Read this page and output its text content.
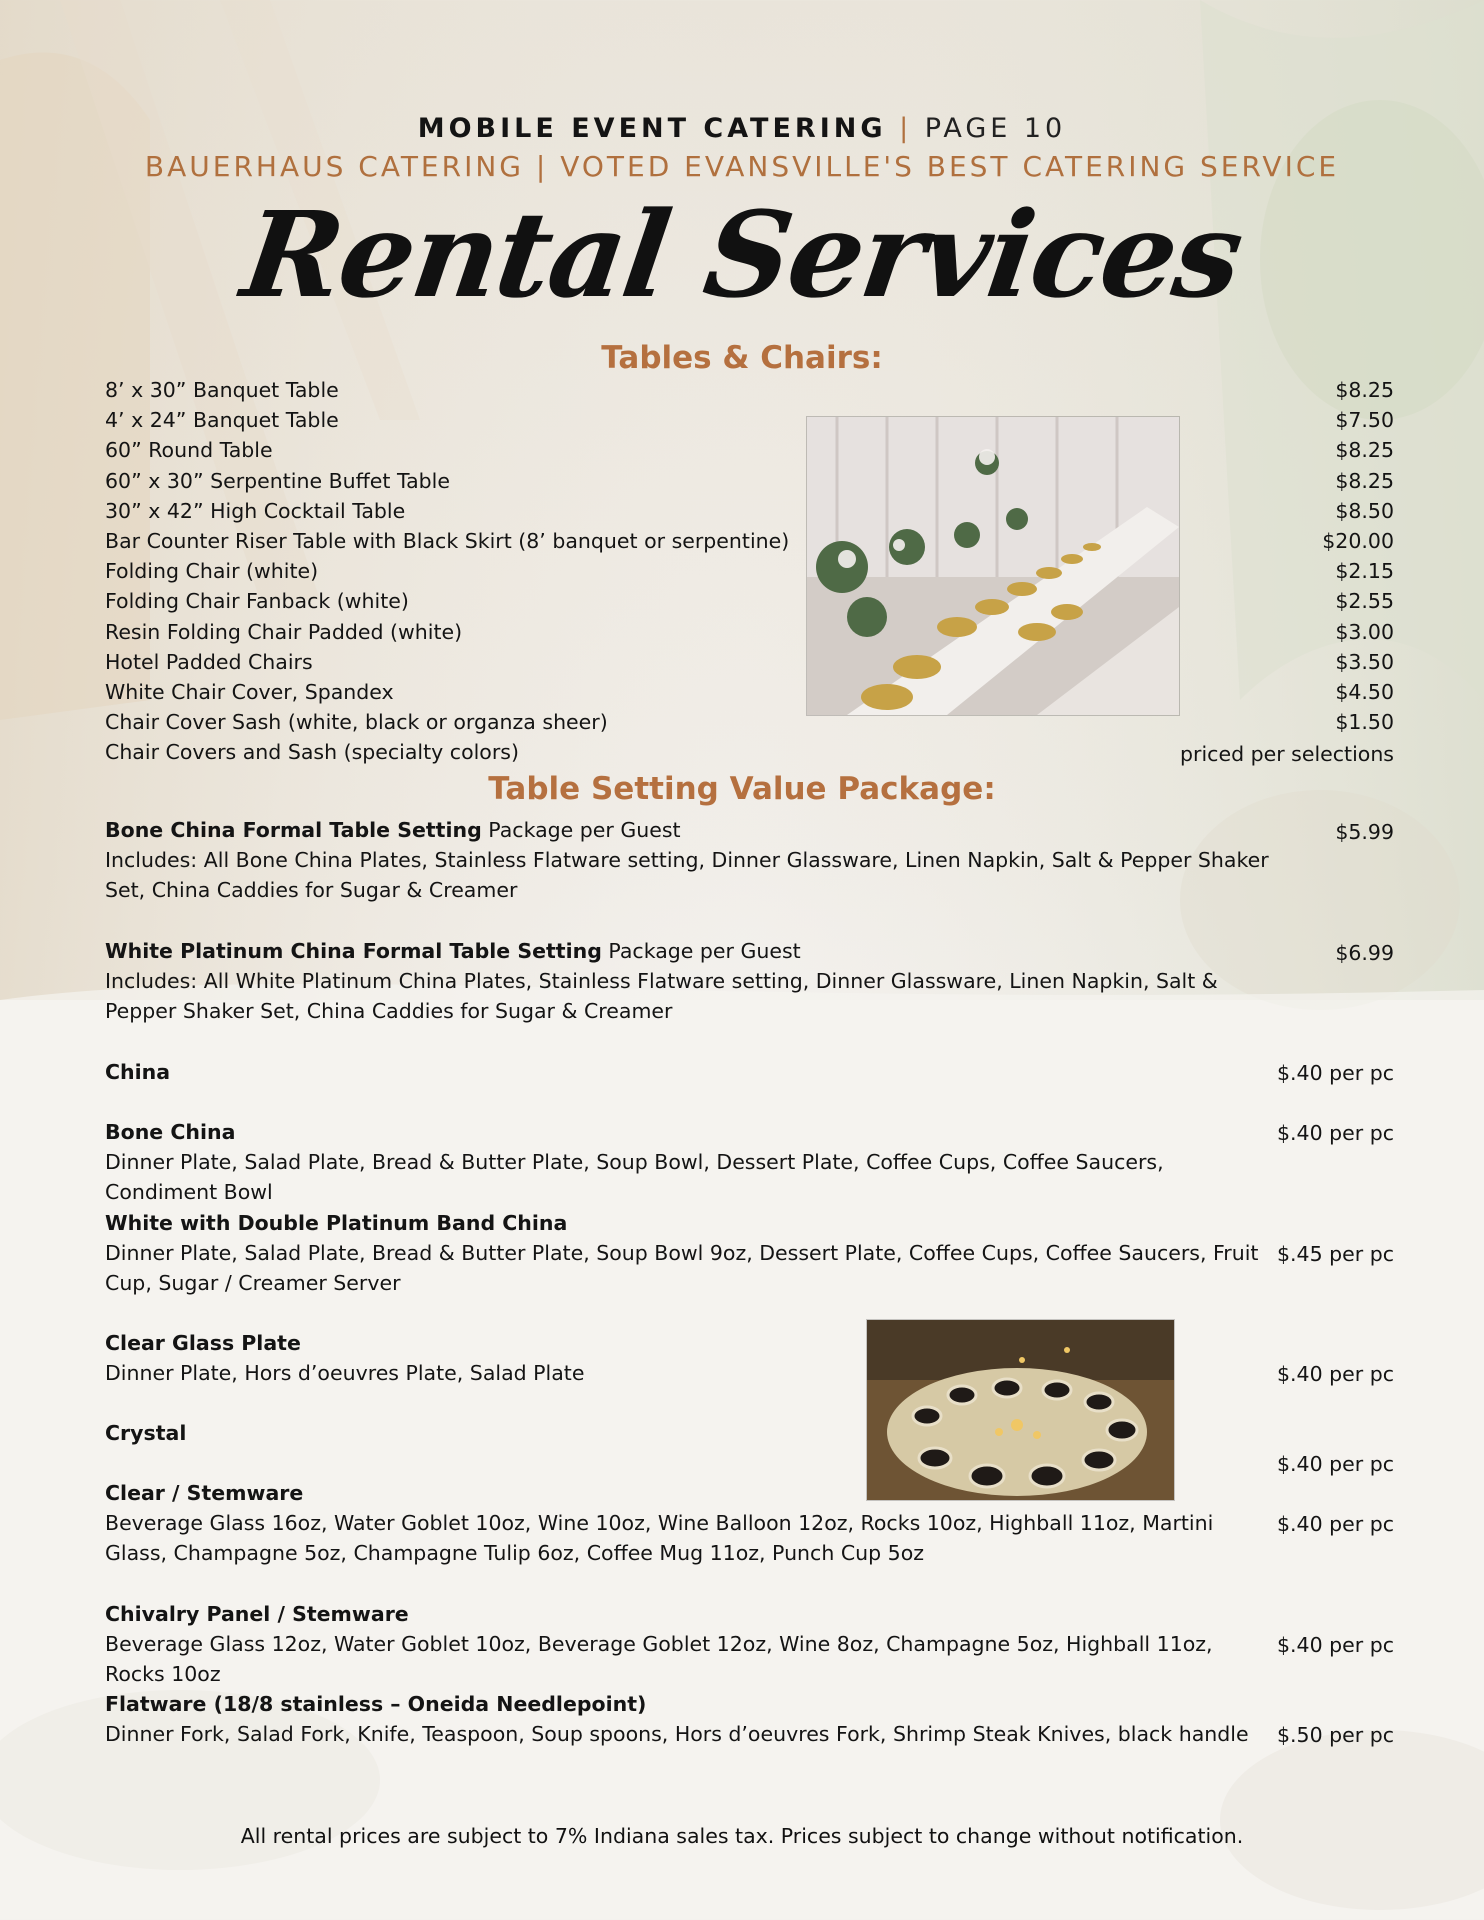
MOBILE EVENT CATERING | PAGE 10
BAUERHAUS CATERING | VOTED EVANSVILLE'S BEST CATERING SERVICE
Rental Services
Tables & Chairs:
8’ x 30” Banquet Table	$8.25
4’ x 24” Banquet Table	$7.50
60” Round Table	$8.25
60” x 30” Serpentine Buffet Table	$8.25
30” x 42” High Cocktail Table	$8.50
Bar Counter Riser Table with Black Skirt (8’ banquet or serpentine)	$20.00
Folding Chair (white)	$2.15
Folding Chair Fanback (white)	$2.55
Resin Folding Chair Padded (white)	$3.00
Hotel Padded Chairs	$3.50
White Chair Cover, Spandex	$4.50
Chair Cover Sash (white, black or organza sheer)	$1.50
Chair Covers and Sash (specialty colors)	priced per selections
Table Setting Value Package:
Bone China Formal Table Setting Package per Guest
Includes: All Bone China Plates, Stainless Flatware setting, Dinner Glassware, Linen Napkin, Salt & Pepper Shaker Set, China Caddies for Sugar & Creamer
$5.99
White Platinum China Formal Table Setting Package per Guest
Includes: All White Platinum China Plates, Stainless Flatware setting, Dinner Glassware, Linen Napkin, Salt & Pepper Shaker Set, China Caddies for Sugar & Creamer
$6.99
China	$.40 per pc
Bone China
Dinner Plate, Salad Plate, Bread & Butter Plate, Soup Bowl, Dessert Plate, Coffee Cups, Coffee Saucers, Condiment Bowl
$.40 per pc
White with Double Platinum Band China
Dinner Plate, Salad Plate, Bread & Butter Plate, Soup Bowl 9oz, Dessert Plate, Coffee Cups, Coffee Saucers, Fruit Cup, Sugar / Creamer Server
$.45 per pc
Clear Glass Plate
Dinner Plate, Hors d’oeuvres Plate, Salad Plate	$.40 per pc
Crystal
$.40 per pc
Clear / Stemware
Beverage Glass 16oz, Water Goblet 10oz, Wine 10oz, Wine Balloon 12oz, Rocks 10oz, Highball 11oz, Martini Glass, Champagne 5oz, Champagne Tulip 6oz, Coffee Mug 11oz, Punch Cup 5oz
$.40 per pc
Chivalry Panel / Stemware
Beverage Glass 12oz, Water Goblet 10oz, Beverage Goblet 12oz, Wine 8oz, Champagne 5oz, Highball 11oz, Rocks 10oz
$.40 per pc
Flatware (18/8 stainless – Oneida Needlepoint)
Dinner Fork, Salad Fork, Knife, Teaspoon, Soup spoons, Hors d’oeuvres Fork, Shrimp Steak Knives, black handle	$.50 per pc
All rental prices are subject to 7% Indiana sales tax. Prices subject to change without notification.
